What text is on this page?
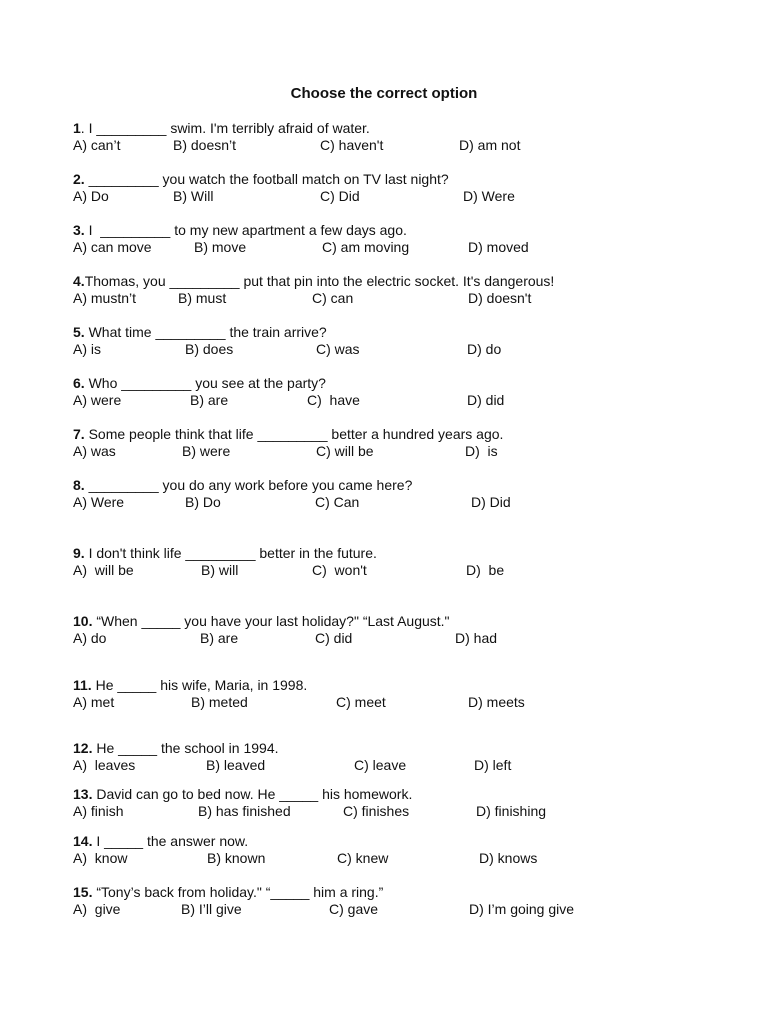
Choose the correct option
1. I _________ swim. I'm terribly afraid of water.
A) can’t	B) doesn’t	C) haven't	D) am not
2. _________ you watch the football match on TV last night?
A) Do	B) Will	C) Did	D) Were
3. I  _________ to my new apartment a few days ago.
A) can move	B) move	C) am moving	D) moved
4.Thomas, you _________ put that pin into the electric socket. It's dangerous!
A) mustn’t	B) must	C) can	D) doesn't
5. What time _________ the train arrive?
A) is	B) does	C) was	D) do
6. Who _________ you see at the party?
A) were	B) are	C)  have	D) did
7. Some people think that life _________ better a hundred years ago.
A) was	B) were	C) will be	D)  is
8. _________ you do any work before you came here?
A) Were	B) Do	C) Can	D) Did
9. I don't think life _________ better in the future.
A)  will be	B) will	C)  won't	D)  be
10. “When _____ you have your last holiday?" “Last August."
A) do	B) are	C) did	D) had
11. He _____ his wife, Maria, in 1998.
A) met	B) meted	C) meet	D) meets
12. He _____ the school in 1994.
A)  leaves	B) leaved	C) leave	D) left
13. David can go to bed now. He _____ his homework.
A) finish	B) has finished	C) finishes	D) finishing
14. I _____ the answer now.
A)  know	B) known	C) knew	D) knows
15. “Tony’s back from holiday." “_____ him a ring.”
A)  give	B) I’ll give	C) gave	D) I’m going give
